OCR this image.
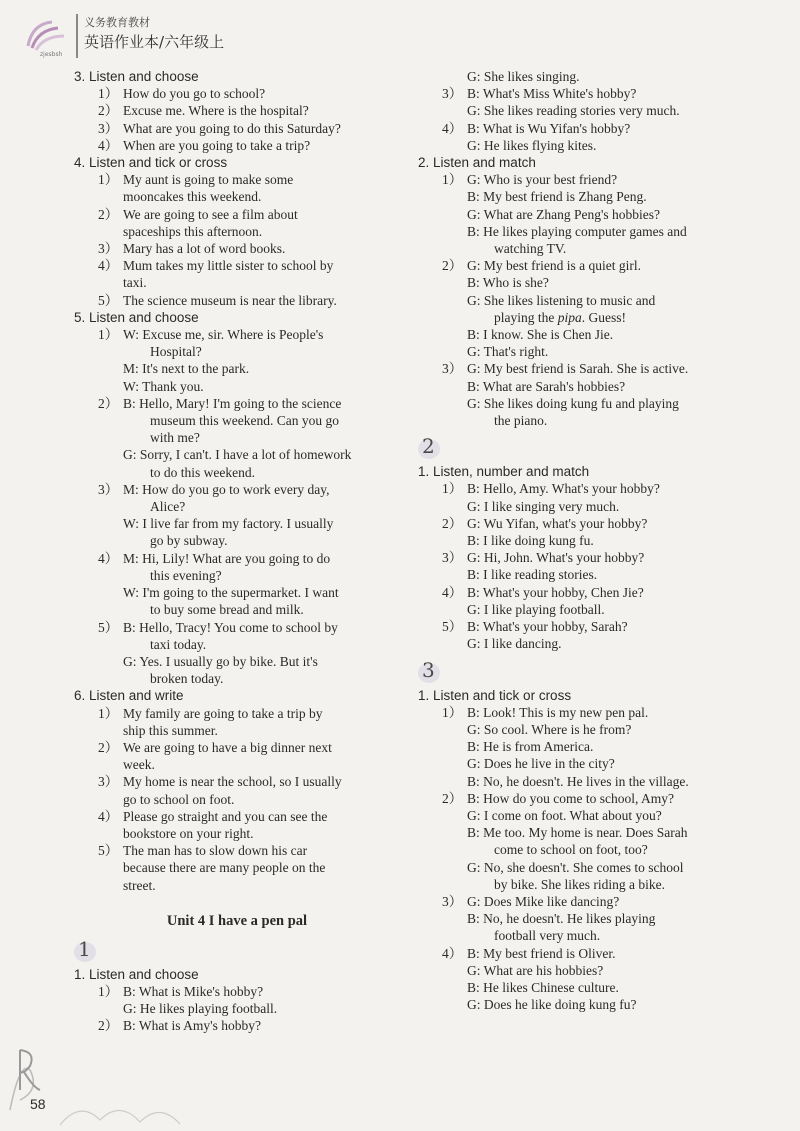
zjesbsh
义务教育教材
英语作业本/六年级上
3. Listen and choose
1） How do you go to school?
2） Excuse me. Where is the hospital?
3） What are you going to do this Saturday?
4） When are you going to take a trip?
4. Listen and tick or cross
1） My aunt is going to make some
mooncakes this weekend.
2） We are going to see a film about
spaceships this afternoon.
3） Mary has a lot of word books.
4） Mum takes my little sister to school by
taxi.
5） The science museum is near the library.
5. Listen and choose
1） W: Excuse me, sir. Where is People's
Hospital?
M: It's next to the park.
W: Thank you.
2） B: Hello, Mary! I'm going to the science
museum this weekend. Can you go
with me?
G: Sorry, I can't. I have a lot of homework
to do this weekend.
3） M: How do you go to work every day,
Alice?
W: I live far from my factory. I usually
go by subway.
4） M: Hi, Lily! What are you going to do
this evening?
W: I'm going to the supermarket. I want
to buy some bread and milk.
5） B: Hello, Tracy! You come to school by
taxi today.
G: Yes. I usually go by bike. But it's
broken today.
6. Listen and write
1） My family are going to take a trip by
ship this summer.
2） We are going to have a big dinner next
week.
3） My home is near the school, so I usually
go to school on foot.
4） Please go straight and you can see the
bookstore on your right.
5） The man has to slow down his car
because there are many people on the
street.
Unit 4 I have a pen pal
1
1. Listen and choose
1） B: What is Mike's hobby?
G: He likes playing football.
2） B: What is Amy's hobby?
G: She likes singing.
3） B: What's Miss White's hobby?
G: She likes reading stories very much.
4） B: What is Wu Yifan's hobby?
G: He likes flying kites.
2. Listen and match
1） G: Who is your best friend?
B: My best friend is Zhang Peng.
G: What are Zhang Peng's hobbies?
B: He likes playing computer games and
watching TV.
2） G: My best friend is a quiet girl.
B: Who is she?
G: She likes listening to music and
playing the pipa. Guess!
B: I know. She is Chen Jie.
G: That's right.
3） G: My best friend is Sarah. She is active.
B: What are Sarah's hobbies?
G: She likes doing kung fu and playing
the piano.
2
1. Listen, number and match
1） B: Hello, Amy. What's your hobby?
G: I like singing very much.
2） G: Wu Yifan, what's your hobby?
B: I like doing kung fu.
3） G: Hi, John. What's your hobby?
B: I like reading stories.
4） B: What's your hobby, Chen Jie?
G: I like playing football.
5） B: What's your hobby, Sarah?
G: I like dancing.
3
1. Listen and tick or cross
1） B: Look! This is my new pen pal.
G: So cool. Where is he from?
B: He is from America.
G: Does he live in the city?
B: No, he doesn't. He lives in the village.
2） B: How do you come to school, Amy?
G: I come on foot. What about you?
B: Me too. My home is near. Does Sarah
come to school on foot, too?
G: No, she doesn't. She comes to school
by bike. She likes riding a bike.
3） G: Does Mike like dancing?
B: No, he doesn't. He likes playing
football very much.
4） B: My best friend is Oliver.
G: What are his hobbies?
B: He likes Chinese culture.
G: Does he like doing kung fu?
58
